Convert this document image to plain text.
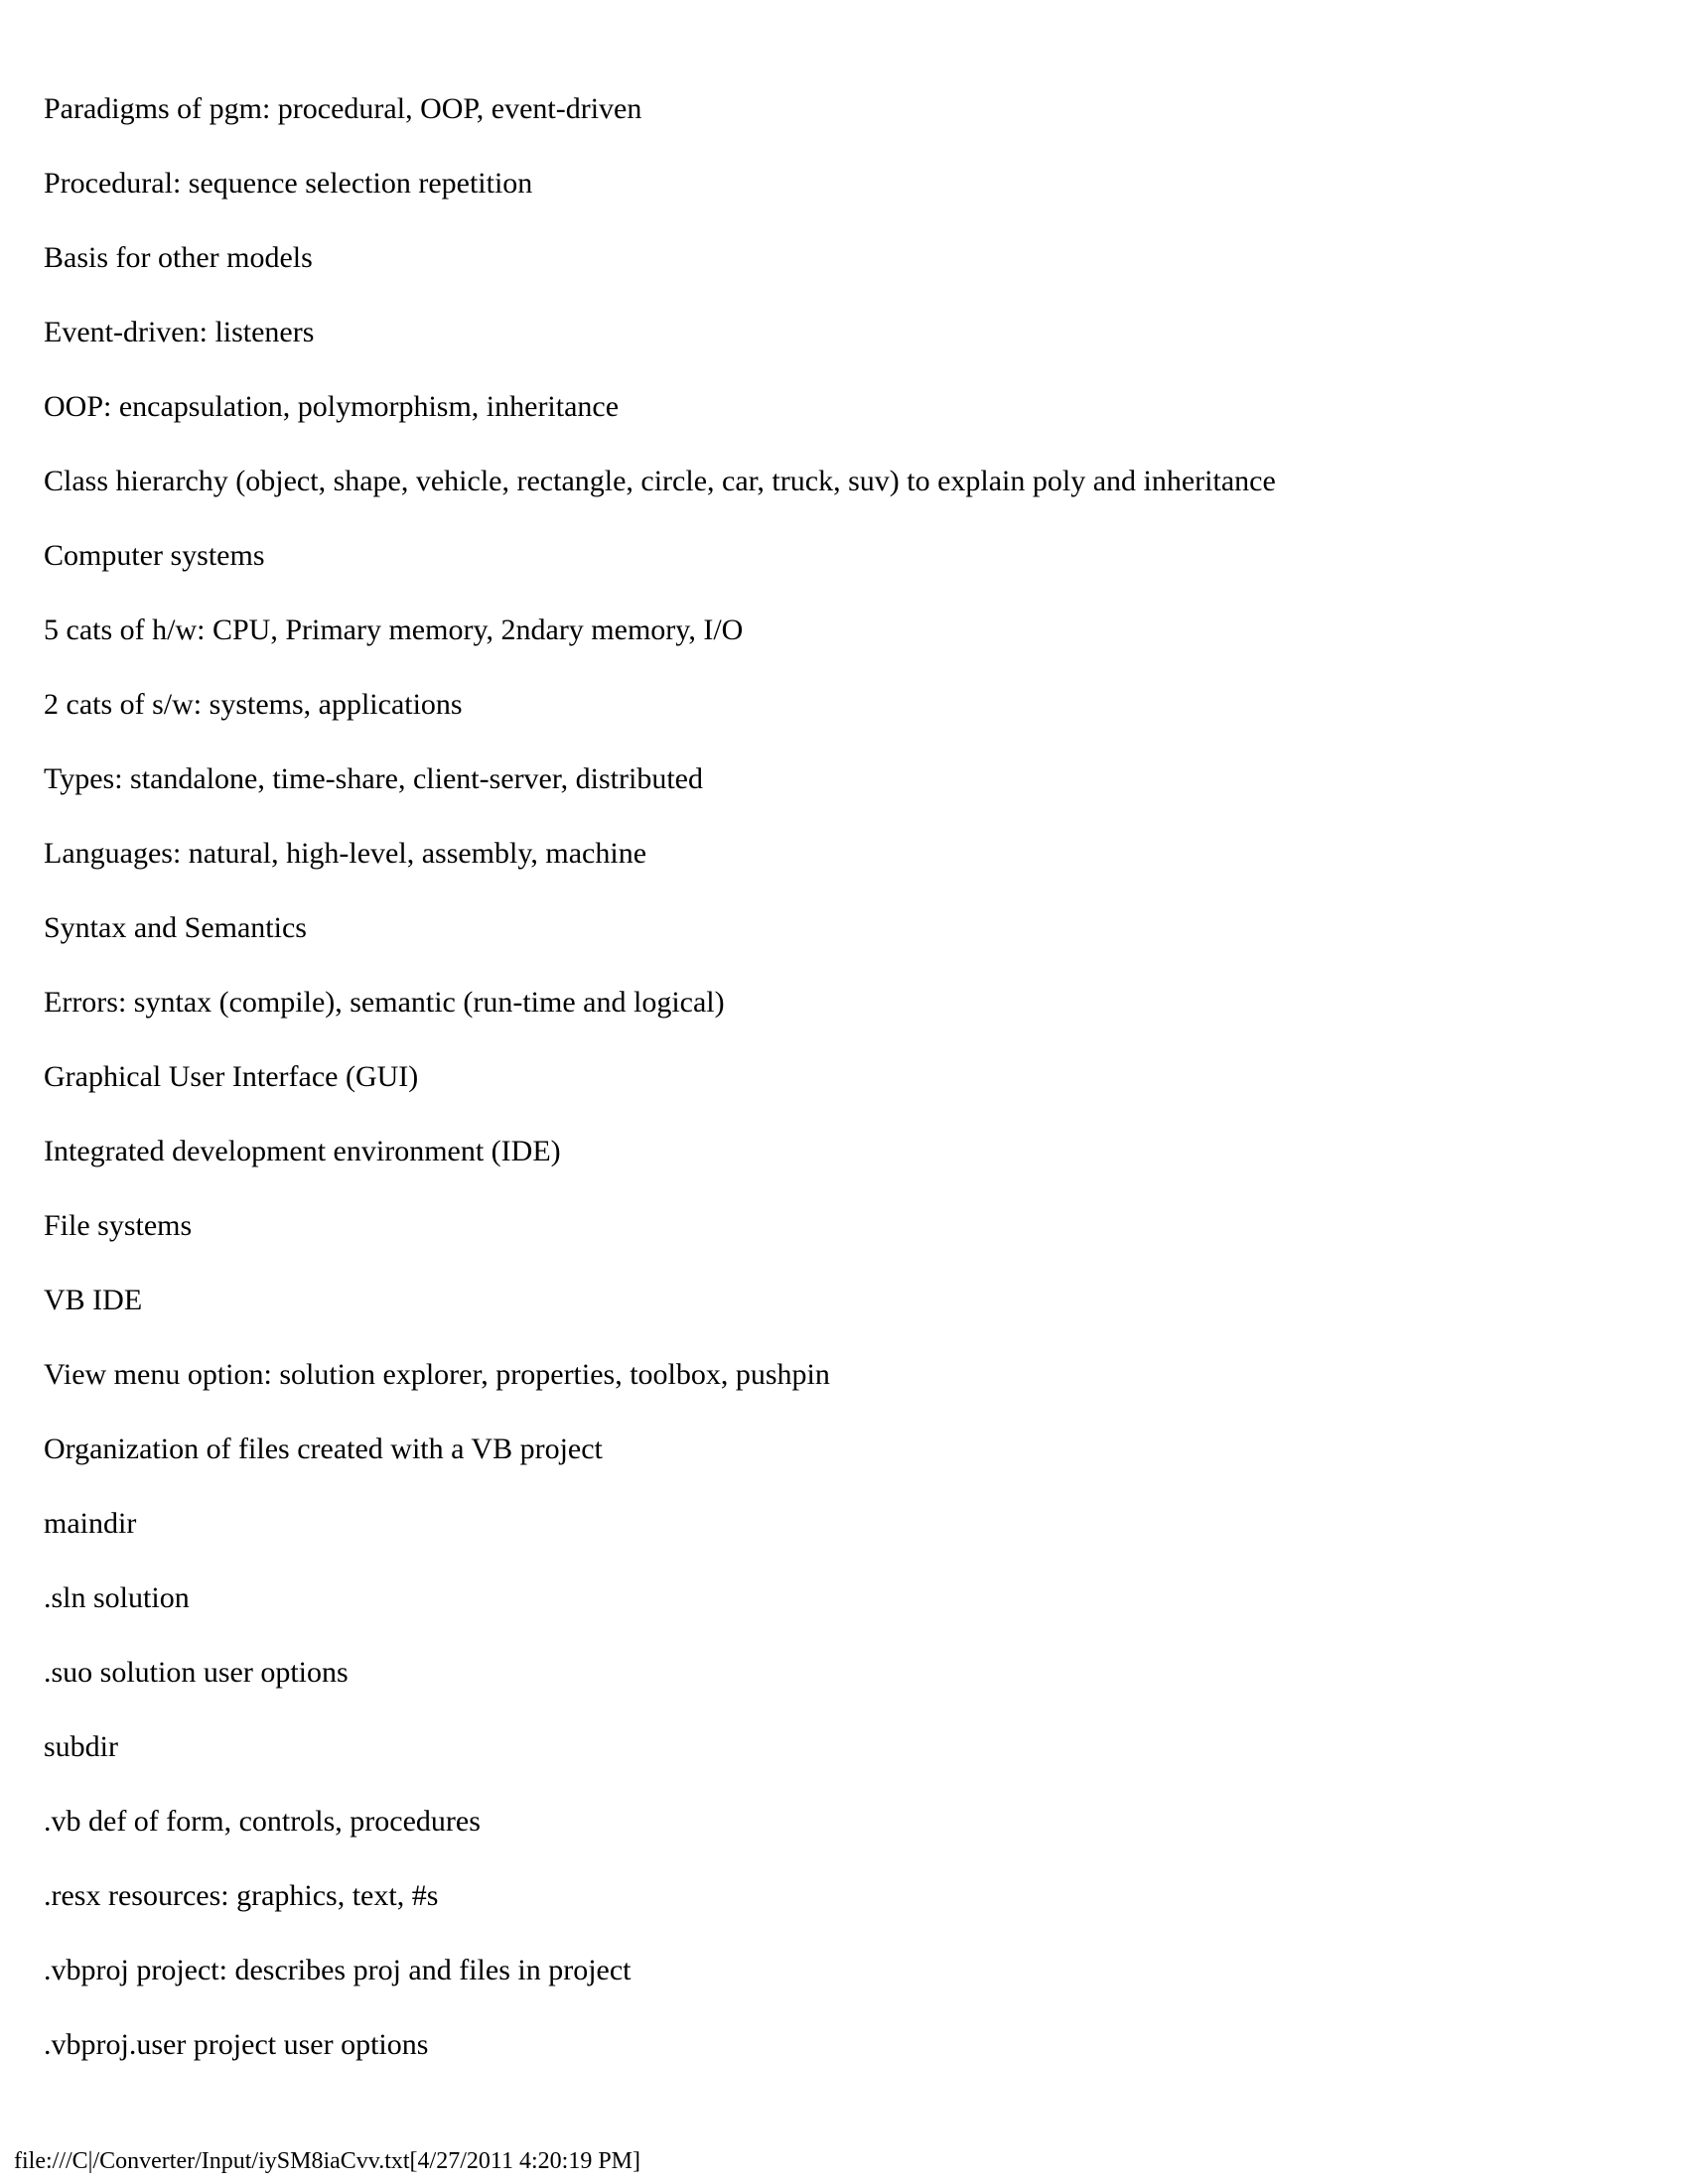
Paradigms of pgm: procedural, OOP, event-driven
Procedural: sequence selection repetition
Basis for other models
Event-driven: listeners
OOP: encapsulation, polymorphism, inheritance
Class hierarchy (object, shape, vehicle, rectangle, circle, car, truck, suv) to explain poly and inheritance
Computer systems
5 cats of h/w: CPU, Primary memory, 2ndary memory, I/O
2 cats of s/w: systems, applications
Types: standalone, time-share, client-server, distributed
Languages: natural, high-level, assembly, machine
Syntax and Semantics
Errors: syntax (compile), semantic (run-time and logical)
Graphical User Interface (GUI)
Integrated development environment (IDE)
File systems
VB IDE
View menu option: solution explorer, properties, toolbox, pushpin
Organization of files created with a VB project
maindir
.sln solution
.suo solution user options
subdir
.vb def of form, controls, procedures
.resx resources: graphics, text, #s
.vbproj project: describes proj and files in project
.vbproj.user project user options
file:///C|/Converter/Input/iySM8iaCvv.txt[4/27/2011 4:20:19 PM]
